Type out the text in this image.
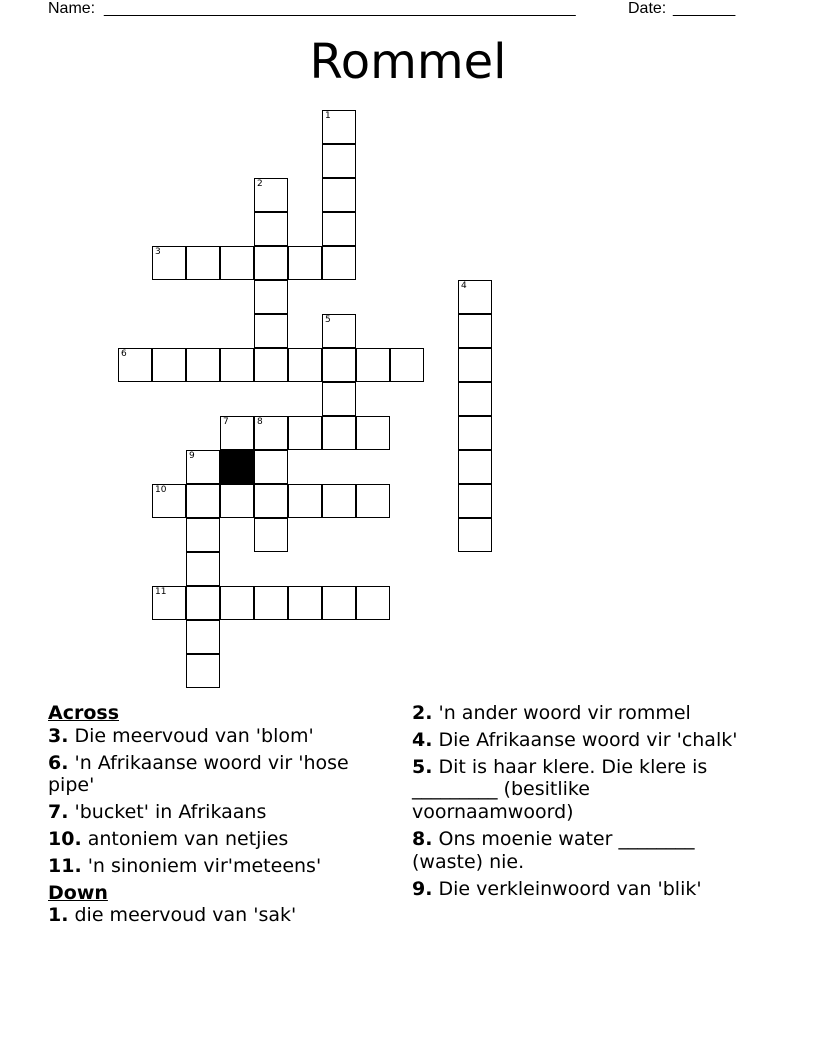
Name: _____________________________________________________	Date: _______
Rommel
1
2
3
4
5
6
7	8
9
10
11
Across
3. Die meervoud van 'blom'
6. 'n Afrikaanse woord vir 'hose pipe'
7. 'bucket' in Afrikaans
10. antoniem van netjies
11. 'n sinoniem vir'meteens'
Down
1. die meervoud van 'sak'
2. 'n ander woord vir rommel
4. Die Afrikaanse woord vir 'chalk'
5. Dit is haar klere. Die klere is _________ (besitlike voornaamwoord)
8. Ons moenie water ________ (waste) nie.
9. Die verkleinwoord van 'blik'
